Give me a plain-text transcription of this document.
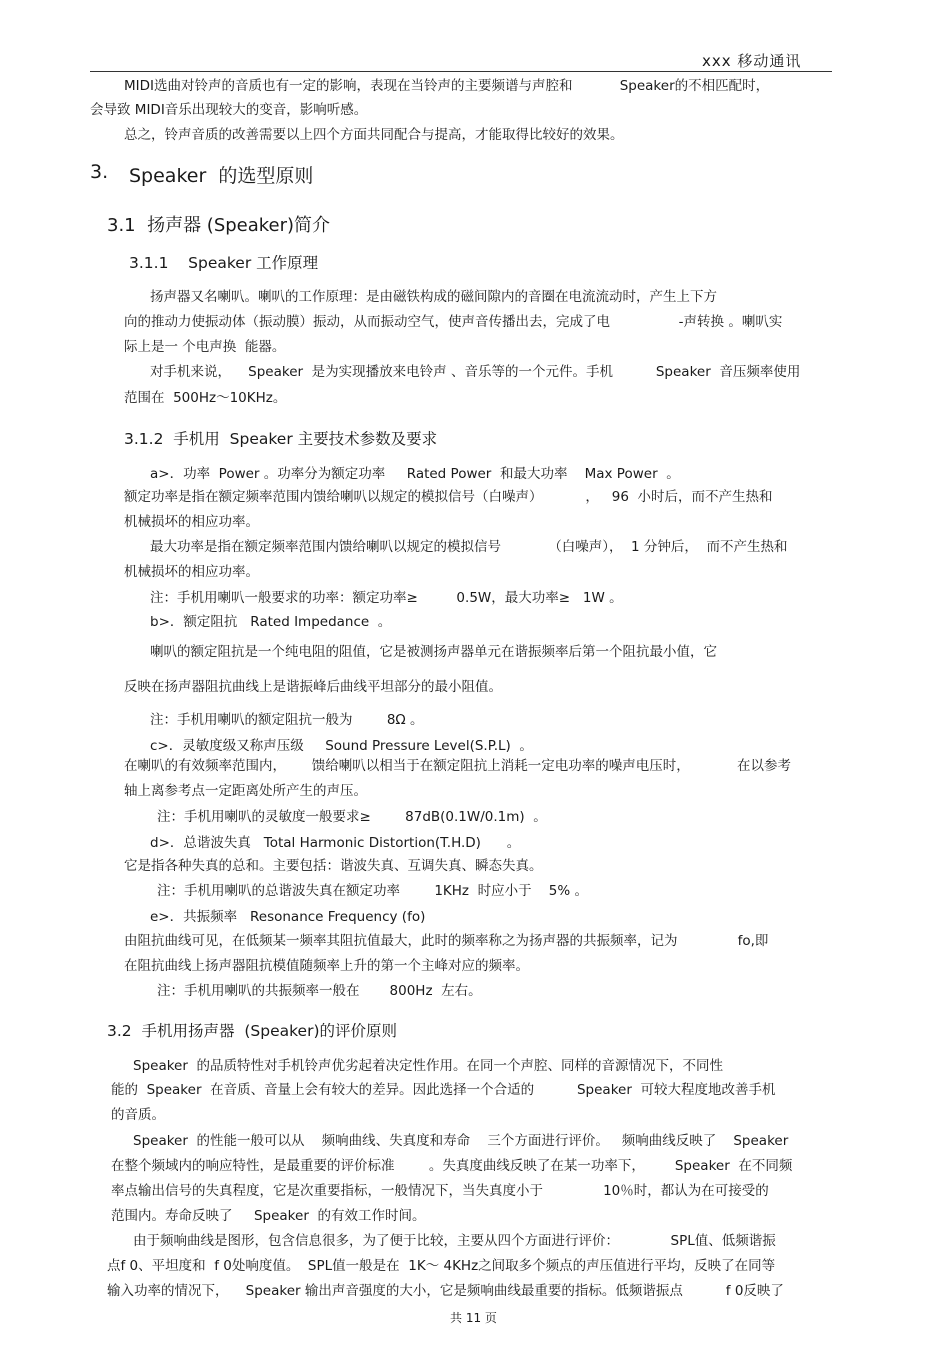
xxx 移动通讯
MIDI选曲对铃声的音质也有一定的影响，表现在当铃声的主要频谱与声腔和           Speaker的不相匹配时，
会导致 MIDI音乐出现较大的变音，影响听感。
总之，铃声音质的改善需要以上四个方面共同配合与提高，才能取得比较好的效果。
3. Speaker  的选型原则
3.1  扬声器 (Speaker)简介
3.1.1    Speaker 工作原理
扬声器又名喇叭。喇叭的工作原理：是由磁铁构成的磁间隙内的音圈在电流流动时，产生上下方
向的推动力使振动体（振动膜）振动，从而振动空气，使声音传播出去，完成了电                -声转换 。喇叭实
际上是一 个电声换  能器。
对手机来说，    Speaker  是为实现播放来电铃声 、音乐等的一个元件。手机          Speaker  音压频率使用
范围在  500Hz～10KHz。
3.1.2  手机用  Speaker 主要技术参数及要求
a>．功率  Power 。功率分为额定功率     Rated Power  和最大功率    Max Power  。
额定功率是指在额定频率范围内馈给喇叭以规定的模拟信号（白噪声）          ，   96  小时后，而不产生热和
机械损坏的相应功率。
最大功率是指在额定频率范围内馈给喇叭以规定的模拟信号           （白噪声），  1 分钟后，  而不产生热和
机械损坏的相应功率。
注：手机用喇叭一般要求的功率：额定功率≥         0.5W，最大功率≥   1W 。
b>．额定阻抗   Rated Impedance  。
喇叭的额定阻抗是一个纯电阻的阻值，它是被测扬声器单元在谐振频率后第一个阻抗最小值，它
反映在扬声器阻抗曲线上是谐振峰后曲线平坦部分的最小阻值。
注：手机用喇叭的额定阻抗一般为        8Ω 。
c>．灵敏度级又称声压级     Sound Pressure Level(S.P.L)  。
在喇叭的有效频率范围内，      馈给喇叭以相当于在额定阻抗上消耗一定电功率的噪声电压时，           在以参考
轴上离参考点一定距离处所产生的声压。
注：手机用喇叭的灵敏度一般要求≥        87dB(0.1W/0.1m)  。
d>．总谐波失真   Total Harmonic Distortion(T.H.D)      。
它是指各种失真的总和。主要包括：谐波失真、互调失真、瞬态失真。
注：手机用喇叭的总谐波失真在额定功率        1KHz  时应小于    5% 。
e>．共振频率   Resonance Frequency (fo)
由阻抗曲线可见，在低频某一频率其阻抗值最大，此时的频率称之为扬声器的共振频率，记为              fo,即
在阻抗曲线上扬声器阻抗模值随频率上升的第一个主峰对应的频率。
注：手机用喇叭的共振频率一般在       800Hz  左右。
3.2  手机用扬声器  (Speaker)的评价原则
Speaker  的品质特性对手机铃声优劣起着决定性作用。在同一个声腔、同样的音源情况下，不同性
能的  Speaker  在音质、音量上会有较大的差异。因此选择一个合适的          Speaker  可较大程度地改善手机
的音质。
Speaker  的性能一般可以从    频响曲线、失真度和寿命    三个方面进行评价。   频响曲线反映了    Speaker
在整个频域内的响应特性，是最重要的评价标准        。失真度曲线反映了在某一功率下，       Speaker  在不同频
率点输出信号的失真程度，它是次重要指标，一般情况下，当失真度小于              10％时，都认为在可接受的
范围内。寿命反映了     Speaker  的有效工作时间。
由于频响曲线是图形，包含信息很多，为了便于比较，主要从四个方面进行评价：            SPL值、低频谐振
点f 0、平坦度和  f 0处响度值。  SPL值一般是在  1K～ 4KHz之间取多个频点的声压值进行平均，反映了在同等
输入功率的情况下，    Speaker 输出声音强度的大小，它是频响曲线最重要的指标。低频谐振点          f 0反映了
共 11 页
